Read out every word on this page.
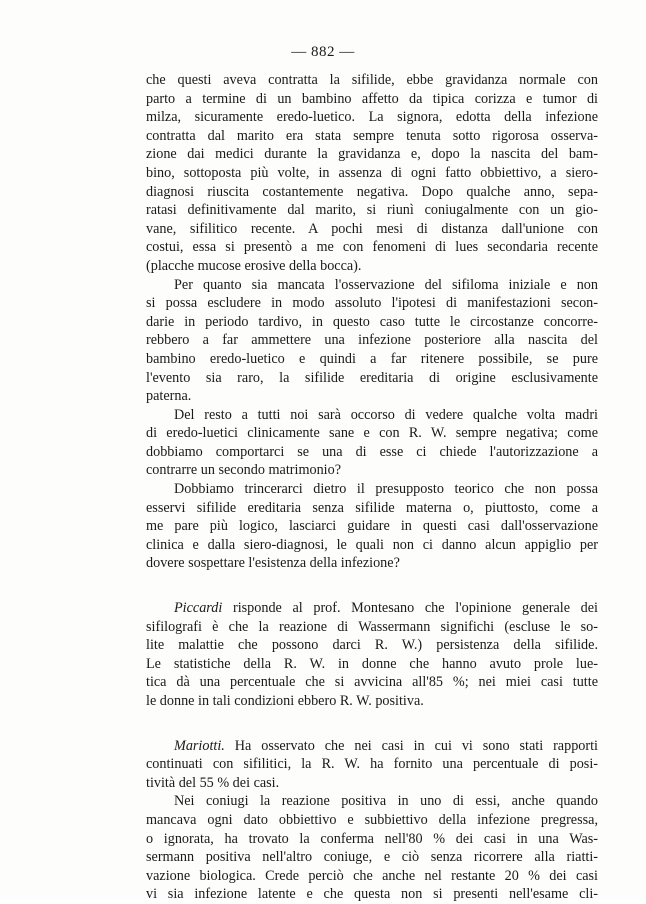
— 882 —
che questi aveva contratta la sifilide, ebbe gravidanza normale con
parto a termine di un bambino affetto da tipica corizza e tumor di
milza, sicuramente eredo-luetico. La signora, edotta della infezione
contratta dal marito era stata sempre tenuta sotto rigorosa osserva-
zione dai medici durante la gravidanza e, dopo la nascita del bam-
bino, sottoposta più volte, in assenza di ogni fatto obbiettivo, a siero-
diagnosi riuscita costantemente negativa. Dopo qualche anno, sepa-
ratasi definitivamente dal marito, si riunì coniugalmente con un gio-
vane, sifilitico recente. A pochi mesi di distanza dall'unione con
costui, essa si presentò a me con fenomeni di lues secondaria recente
(placche mucose erosive della bocca).
Per quanto sia mancata l'osservazione del sifiloma iniziale e non
si possa escludere in modo assoluto l'ipotesi di manifestazioni secon-
darie in periodo tardivo, in questo caso tutte le circostanze concorre-
rebbero a far ammettere una infezione posteriore alla nascita del
bambino eredo-luetico e quindi a far ritenere possibile, se pure
l'evento sia raro, la sifilide ereditaria di origine esclusivamente
paterna.
Del resto a tutti noi sarà occorso di vedere qualche volta madri
di eredo-luetici clinicamente sane e con R. W. sempre negativa; come
dobbiamo comportarci se una di esse ci chiede l'autorizzazione a
contrarre un secondo matrimonio?
Dobbiamo trincerarci dietro il presupposto teorico che non possa
esservi sifilide ereditaria senza sifilide materna o, piuttosto, come a
me pare più logico, lasciarci guidare in questi casi dall'osservazione
clinica e dalla siero-diagnosi, le quali non ci danno alcun appiglio per
dovere sospettare l'esistenza della infezione?
Piccardi risponde al prof. Montesano che l'opinione generale dei
sifilografi è che la reazione di Wassermann significhi (escluse le so-
lite malattie che possono darci R. W.) persistenza della sifilide.
Le statistiche della R. W. in donne che hanno avuto prole lue-
tica dà una percentuale che si avvicina all'85 %; nei miei casi tutte
le donne in tali condizioni ebbero R. W. positiva.
Mariotti. Ha osservato che nei casi in cui vi sono stati rapporti
continuati con sifilitici, la R. W. ha fornito una percentuale di posi-
tività del 55 % dei casi.
Nei coniugi la reazione positiva in uno di essi, anche quando
mancava ogni dato obbiettivo e subbiettivo della infezione pregressa,
o ignorata, ha trovato la conferma nell'80 % dei casi in una Was-
sermann positiva nell'altro coniuge, e ciò senza ricorrere alla riatti-
vazione biologica. Crede perciò che anche nel restante 20 % dei casi
vi sia infezione latente e che questa non si presenti nell'esame cli-
